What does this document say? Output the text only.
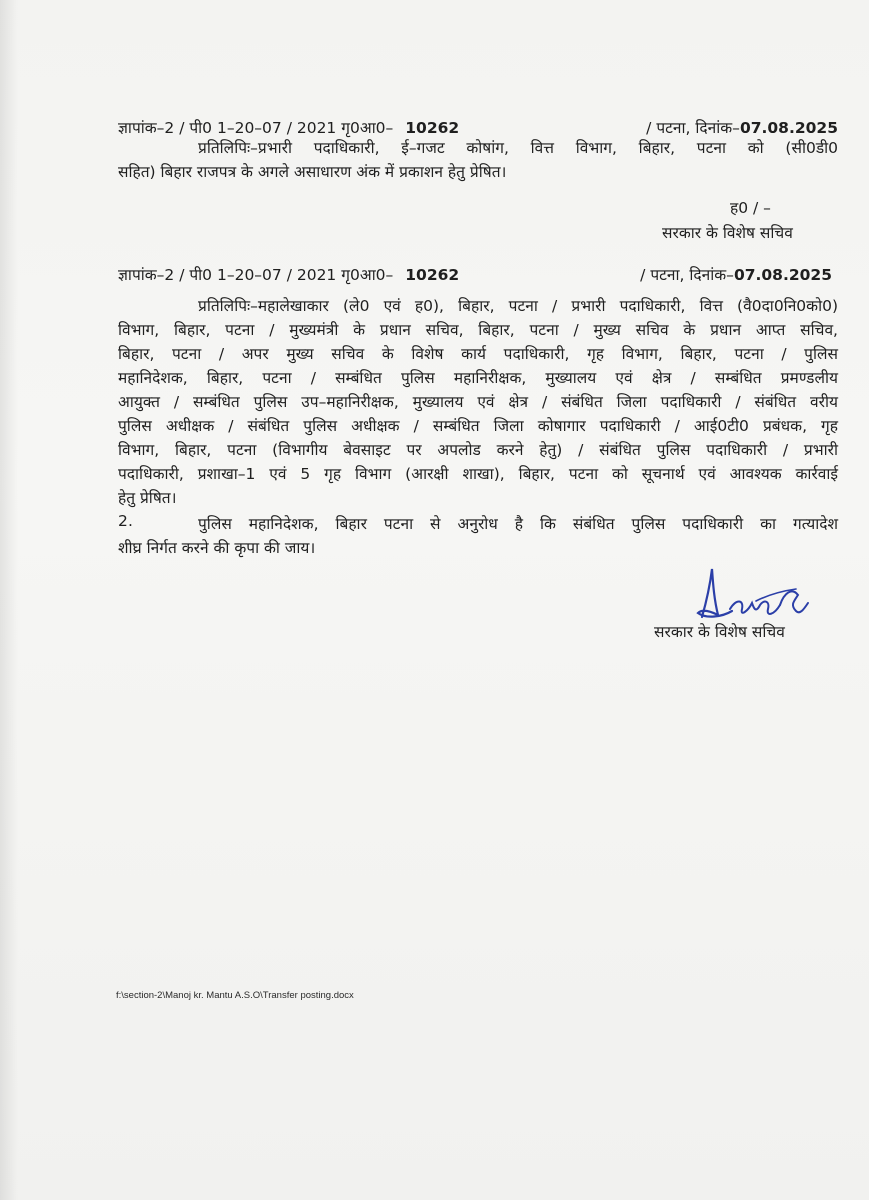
ज्ञापांक–2 / पी0 1–20–07 / 2021 गृ0आ0– 10262	/ पटना, दिनांक–07.08.2025
प्रतिलिपिः–प्रभारी पदाधिकारी, ई–गजट कोषांग, वित्त विभाग, बिहार, पटना को (सी0डी0
सहित) बिहार राजपत्र के अगले असाधारण अंक में प्रकाशन हेतु प्रेषित।
ह0 / –
सरकार के विशेष सचिव
ज्ञापांक–2 / पी0 1–20–07 / 2021 गृ0आ0– 10262	/ पटना, दिनांक–07.08.2025
प्रतिलिपिः–महालेखाकार (ले0 एवं ह0), बिहार, पटना / प्रभारी पदाधिकारी, वित्त (वै0दा0नि0को0)
विभाग, बिहार, पटना / मुख्यमंत्री के प्रधान सचिव, बिहार, पटना / मुख्य सचिव के प्रधान आप्त सचिव,
बिहार, पटना / अपर मुख्य सचिव के विशेष कार्य पदाधिकारी, गृह विभाग, बिहार, पटना / पुलिस
महानिदेशक, बिहार, पटना / सम्बंधित पुलिस महानिरीक्षक, मुख्यालय एवं क्षेत्र / सम्बंधित प्रमण्डलीय
आयुक्त / सम्बंधित पुलिस उप–महानिरीक्षक, मुख्यालय एवं क्षेत्र / संबंधित जिला पदाधिकारी / संबंधित वरीय
पुलिस अधीक्षक / संबंधित पुलिस अधीक्षक / सम्बंधित जिला कोषागार पदाधिकारी / आई0टी0 प्रबंधक, गृह
विभाग, बिहार, पटना (विभागीय बेवसाइट पर अपलोड करने हेतु) / संबंधित पुलिस पदाधिकारी / प्रभारी
पदाधिकारी, प्रशाखा–1 एवं 5 गृह विभाग (आरक्षी शाखा), बिहार, पटना को सूचनार्थ एवं आवश्यक कार्रवाई
हेतु प्रेषित।
2.	पुलिस महानिदेशक, बिहार पटना से अनुरोध है कि संबंधित पुलिस पदाधिकारी का गत्यादेश
शीघ्र निर्गत करने की कृपा की जाय।
सरकार के विशेष सचिव
f:\section-2\Manoj kr. Mantu A.S.O\Transfer posting.docx
